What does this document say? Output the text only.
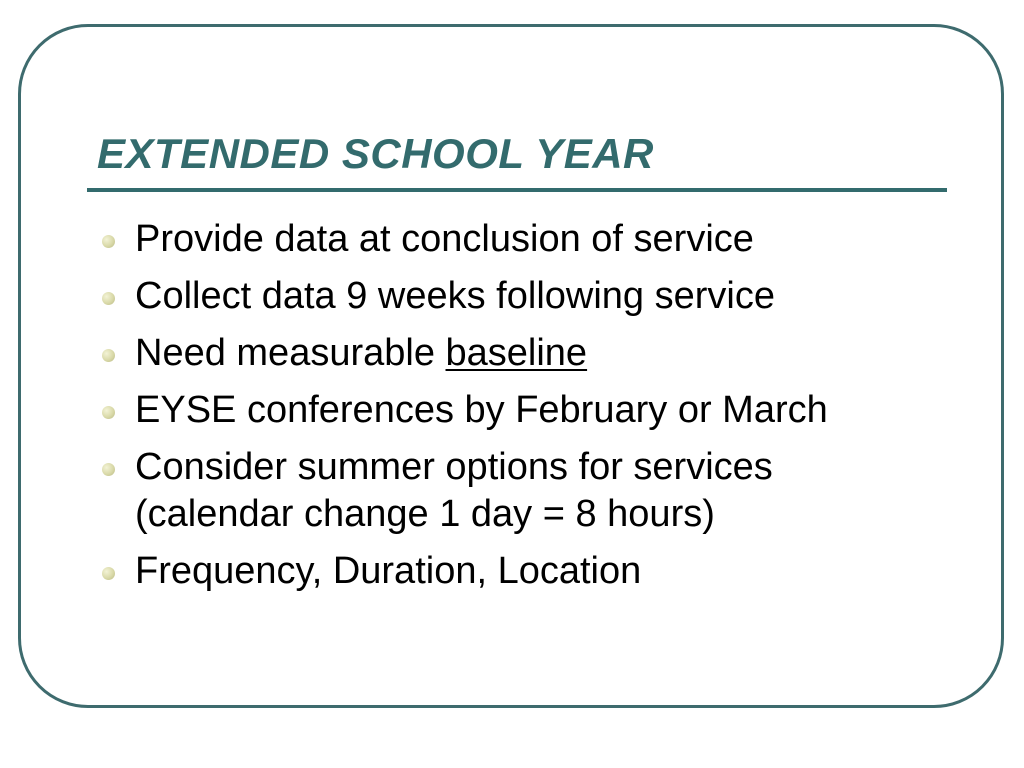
EXTENDED SCHOOL YEAR
Provide data at conclusion of service
Collect data 9 weeks following service
Need measurable baseline
EYSE conferences by February or March
Consider summer options for services
(calendar change 1 day = 8 hours)
Frequency, Duration, Location
